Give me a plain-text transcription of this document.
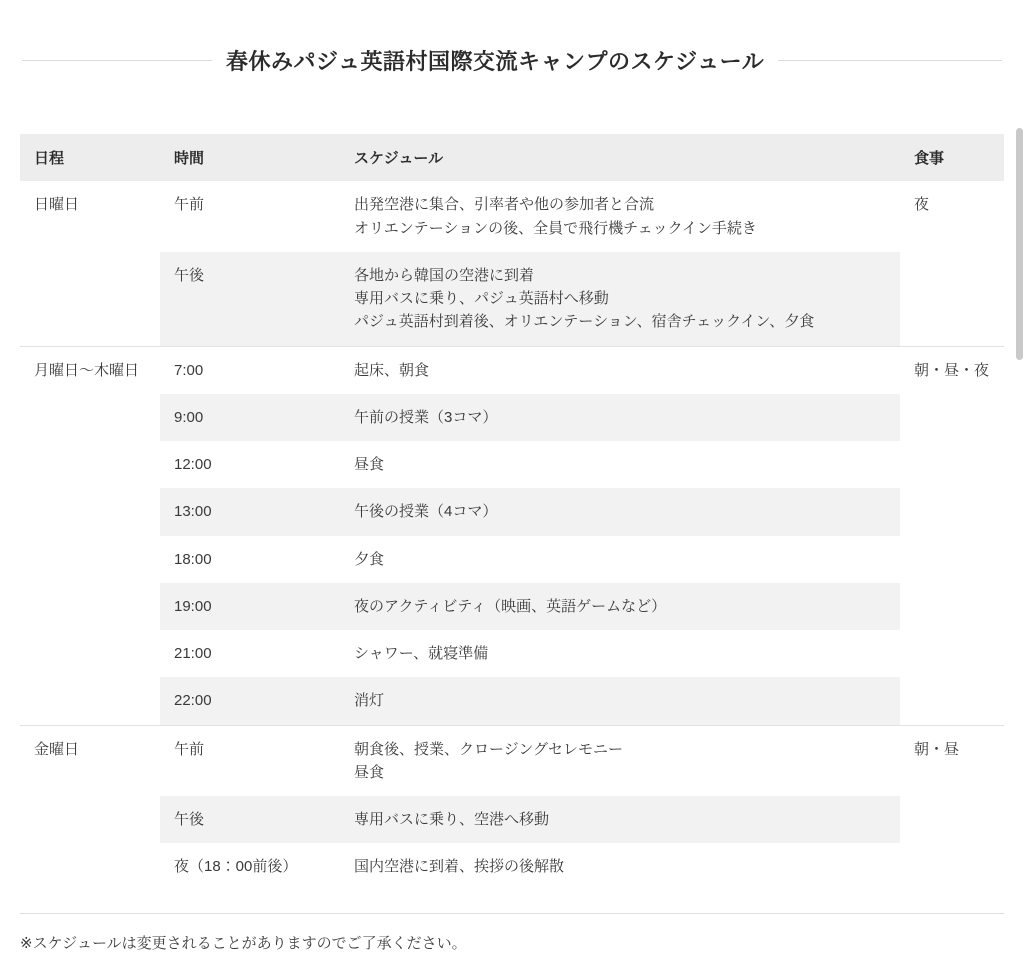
春休みパジュ英語村国際交流キャンプのスケジュール
日程	時間	スケジュール	食事
日曜日	午前	出発空港に集合、引率者や他の参加者と合流
オリエンテーションの後、全員で飛行機チェックイン手続き	夜
	午後	各地から韓国の空港に到着
専用バスに乗り、パジュ英語村へ移動
パジュ英語村到着後、オリエンテーション、宿舎チェックイン、夕食	

月曜日〜木曜日	7:00	起床、朝食	朝・昼・夜
	9:00	午前の授業（3コマ）	

	12:00	昼食	

	13:00	午後の授業（4コマ）	

	18:00	夕食	

	19:00	夜のアクティビティ（映画、英語ゲームなど）	

	21:00	シャワー、就寝準備	

	22:00	消灯	

金曜日	午前	朝食後、授業、クロージングセレモニー
昼食	朝・昼
	午後	専用バスに乗り、空港へ移動	

	夜（18：00前後）	国内空港に到着、挨拶の後解散	

※スケジュールは変更されることがありますのでご了承ください。
